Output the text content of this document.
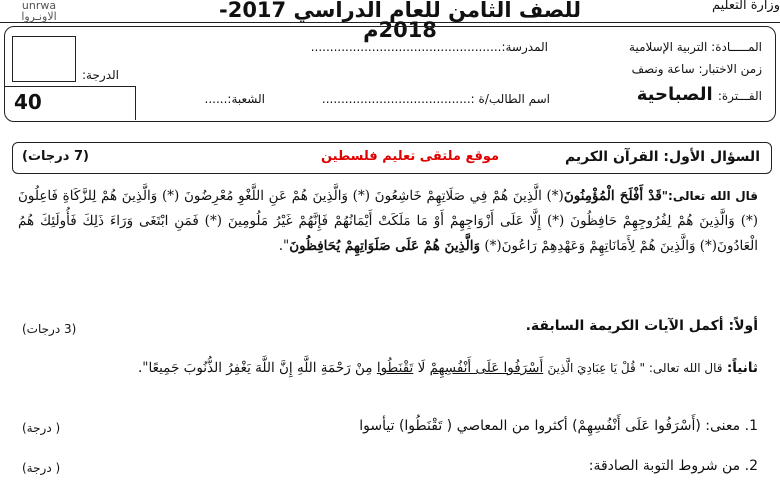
unrwa الاونـروا	للصف الثامن للعام الدراسي 2017-2018م
وزارة التعليم
40
الدرجة:
المدرسة:..................................................	المـــــادة: التربية الإسلامية
زمن الاختبار: ساعة ونصف
الفـــترة: الصباحية
اسم الطالب/ة :.......................................
الشعبة:......
السؤال الأول: القرآن الكريم
موقع ملتقى تعليم فلسطين
(7 درجات)
قال الله تعالى:"قَدْ أَفْلَحَ الْمُؤْمِنُونَ(*) الَّذِينَ هُمْ فِي صَلَاتِهِمْ خَاشِعُونَ (*) وَالَّذِينَ هُمْ عَنِ اللَّغْوِ مُعْرِضُونَ (*) وَالَّذِينَ هُمْ لِلزَّكَاةِ فَاعِلُونَ (*) وَالَّذِينَ هُمْ لِفُرُوجِهِمْ حَافِظُونَ (*) إِلَّا عَلَى أَزْوَاجِهِمْ أَوْ مَا مَلَكَتْ أَيْمَانُهُمْ فَإِنَّهُمْ غَيْرُ مَلُومِينَ (*) فَمَنِ ابْتَغَى وَرَاءَ ذَلِكَ فَأُولَئِكَ هُمُ الْعَادُونَ(*) وَالَّذِينَ هُمْ لِأَمَانَاتِهِمْ وَعَهْدِهِمْ رَاعُونَ(*) وَالَّذِينَ هُمْ عَلَى صَلَوَاتِهِمْ يُحَافِظُونَ".
أولاً: أكمل الآيات الكريمة السابقة.
(3 درجات)
ثانياً: قال الله تعالى: " قُلْ يَا عِبَادِيَ الَّذِينَ أَسْرَفُوا عَلَى أَنْفُسِهِمْ لَا تَقْنَطُوا مِنْ رَحْمَةِ اللَّهِ إِنَّ اللَّهَ يَغْفِرُ الذُّنُوبَ جَمِيعًا".
1. معنى: (أَسْرَفُوا عَلَى أَنْفُسِهِمْ) أكثروا من المعاصي ( تَقْنَطُوا) تيأسوا
( درجة)
2. من شروط التوبة الصادقة:
( درجة)
